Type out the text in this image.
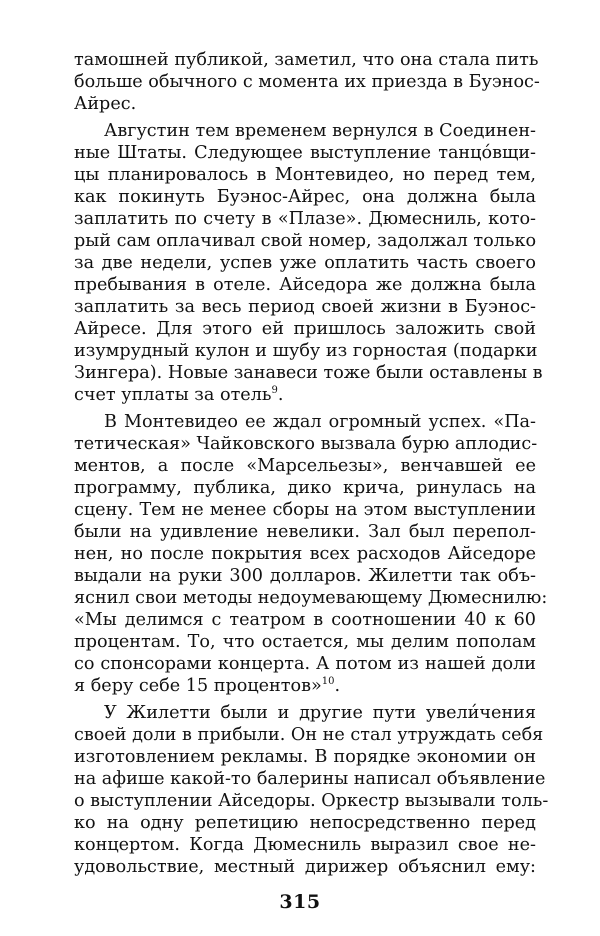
тамошней публикой, заметил, что она стала пить
больше обычного с момента их приезда в Буэнос-
Айрес.
Августин тем временем вернулся в Соединен-
ные Штаты. Следующее выступление танцо́вщи-
цы планировалось в Монтевидео, но перед тем,
как покинуть Буэнос-Айрес, она должна была
заплатить по счету в «Плазе». Дюмесниль, кото-
рый сам оплачивал свой номер, задолжал только
за две недели, успев уже оплатить часть своего
пребывания в отеле. Айседора же должна была
заплатить за весь период своей жизни в Буэнос-
Айресе. Для этого ей пришлось заложить свой
изумрудный кулон и шубу из горностая (подарки
Зингера). Новые занавеси тоже были оставлены в
счет уплаты за отель$^9$.
В Монтевидео ее ждал огромный успех. «Па-
тетическая» Чайковского вызвала бурю аплодис-
ментов, а после «Марсельезы», венчавшей ее
программу, публика, дико крича, ринулась на
сцену. Тем не менее сборы на этом выступлении
были на удивление невелики. Зал был перепол-
нен, но после покрытия всех расходов Айседоре
выдали на руки 300 долларов. Жилетти так объ-
яснил свои методы недоумевающему Дюмеснилю:
«Мы делимся с театром в соотношении 40 к 60
процентам. То, что остается, мы делим пополам
со спонсорами концерта. А потом из нашей доли
я беру себе 15 процентов»$^{10}$.
У Жилетти были и другие пути увели́чения
своей доли в прибыли. Он не стал утруждать себя
изготовлением рекламы. В порядке экономии он
на афише какой-то балерины написал объявление
о выступлении Айседоры. Оркестр вызывали толь-
ко на одну репетицию непосредственно перед
концертом. Когда Дюмесниль выразил свое не-
удовольствие, местный дирижер объяснил ему:
315
